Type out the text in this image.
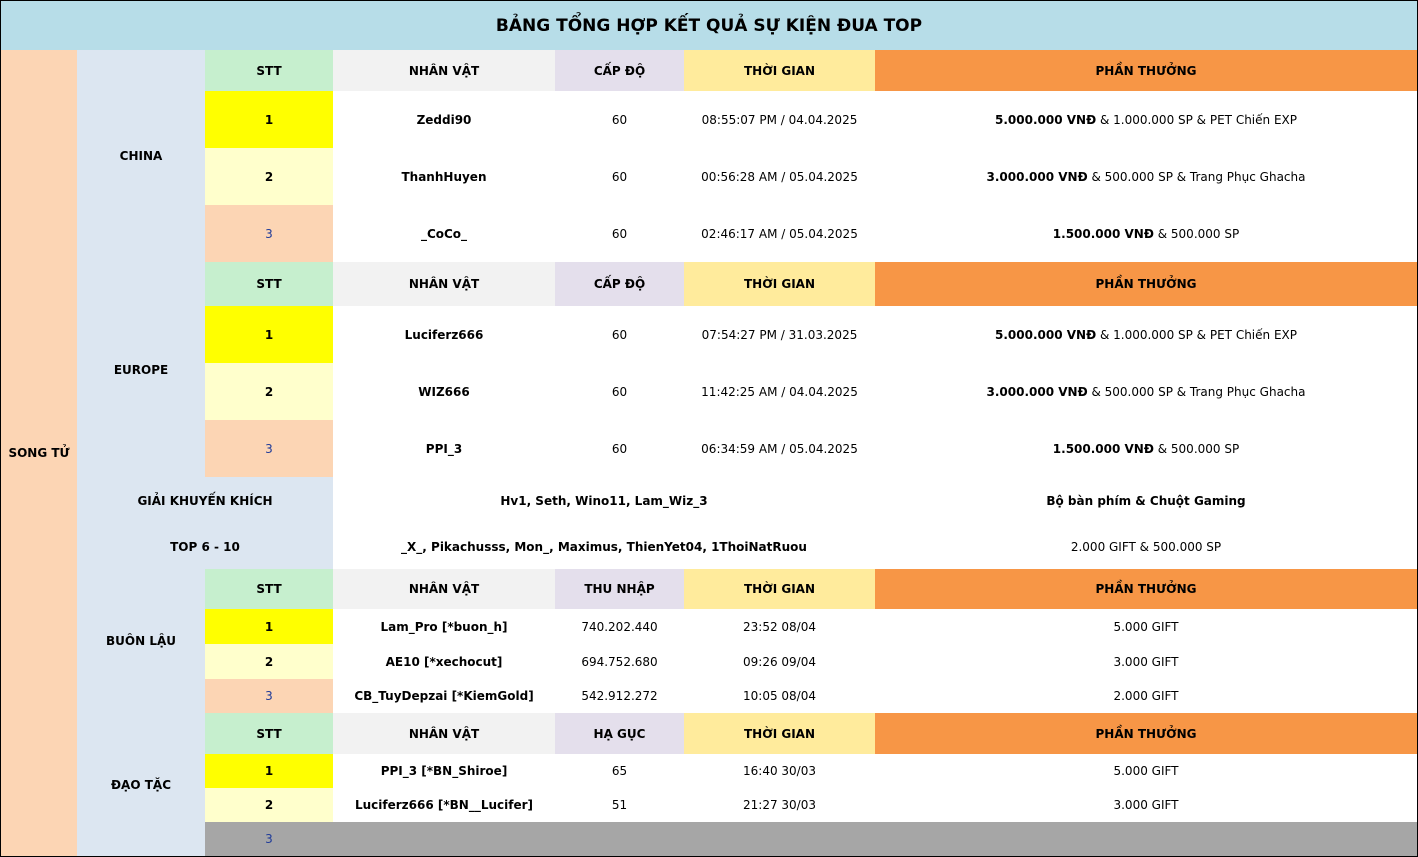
BẢNG TỔNG HỢP KẾT QUẢ SỰ KIỆN ĐUA TOP
SONG TỬ
CHINA
STT	NHÂN VẬT	CẤP ĐỘ	THỜI GIAN	PHẦN THƯỞNG
1	Zeddi90	60	08:55:07 PM / 04.04.2025	5.000.000 VNĐ & 1.000.000 SP & PET Chiến EXP
2	ThanhHuyen	60	00:56:28 AM / 05.04.2025	3.000.000 VNĐ & 500.000 SP & Trang Phục Ghacha
3	_CoCo_	60	02:46:17 AM / 05.04.2025	1.500.000 VNĐ & 500.000 SP
EUROPE
STT	NHÂN VẬT	CẤP ĐỘ	THỜI GIAN	PHẦN THƯỞNG
1	Luciferz666	60	07:54:27 PM / 31.03.2025	5.000.000 VNĐ & 1.000.000 SP & PET Chiến EXP
2	WIZ666	60	11:42:25 AM / 04.04.2025	3.000.000 VNĐ & 500.000 SP & Trang Phục Ghacha
3	PPI_3	60	06:34:59 AM / 05.04.2025	1.500.000 VNĐ & 500.000 SP
GIẢI KHUYẾN KHÍCH	Hv1, Seth, Wino11, Lam_Wiz_3	Bộ bàn phím & Chuột Gaming
TOP 6 - 10	_X_, Pikachusss, Mon_, Maximus, ThienYet04, 1ThoiNatRuou	2.000 GIFT & 500.000 SP
BUÔN LẬU
STT	NHÂN VẬT	THU NHẬP	THỜI GIAN	PHẦN THƯỞNG
1	Lam_Pro [*buon_h]	740.202.440	23:52 08/04	5.000 GIFT
2	AE10 [*xechocut]	694.752.680	09:26 09/04	3.000 GIFT
3	CB_TuyDepzai [*KiemGold]	542.912.272	10:05 08/04	2.000 GIFT
ĐẠO TẶC
STT	NHÂN VẬT	HẠ GỤC	THỜI GIAN	PHẦN THƯỞNG
1	PPI_3 [*BN_Shiroe]	65	16:40 30/03	5.000 GIFT
2	Luciferz666 [*BN__Lucifer]	51	21:27 30/03	3.000 GIFT
3
